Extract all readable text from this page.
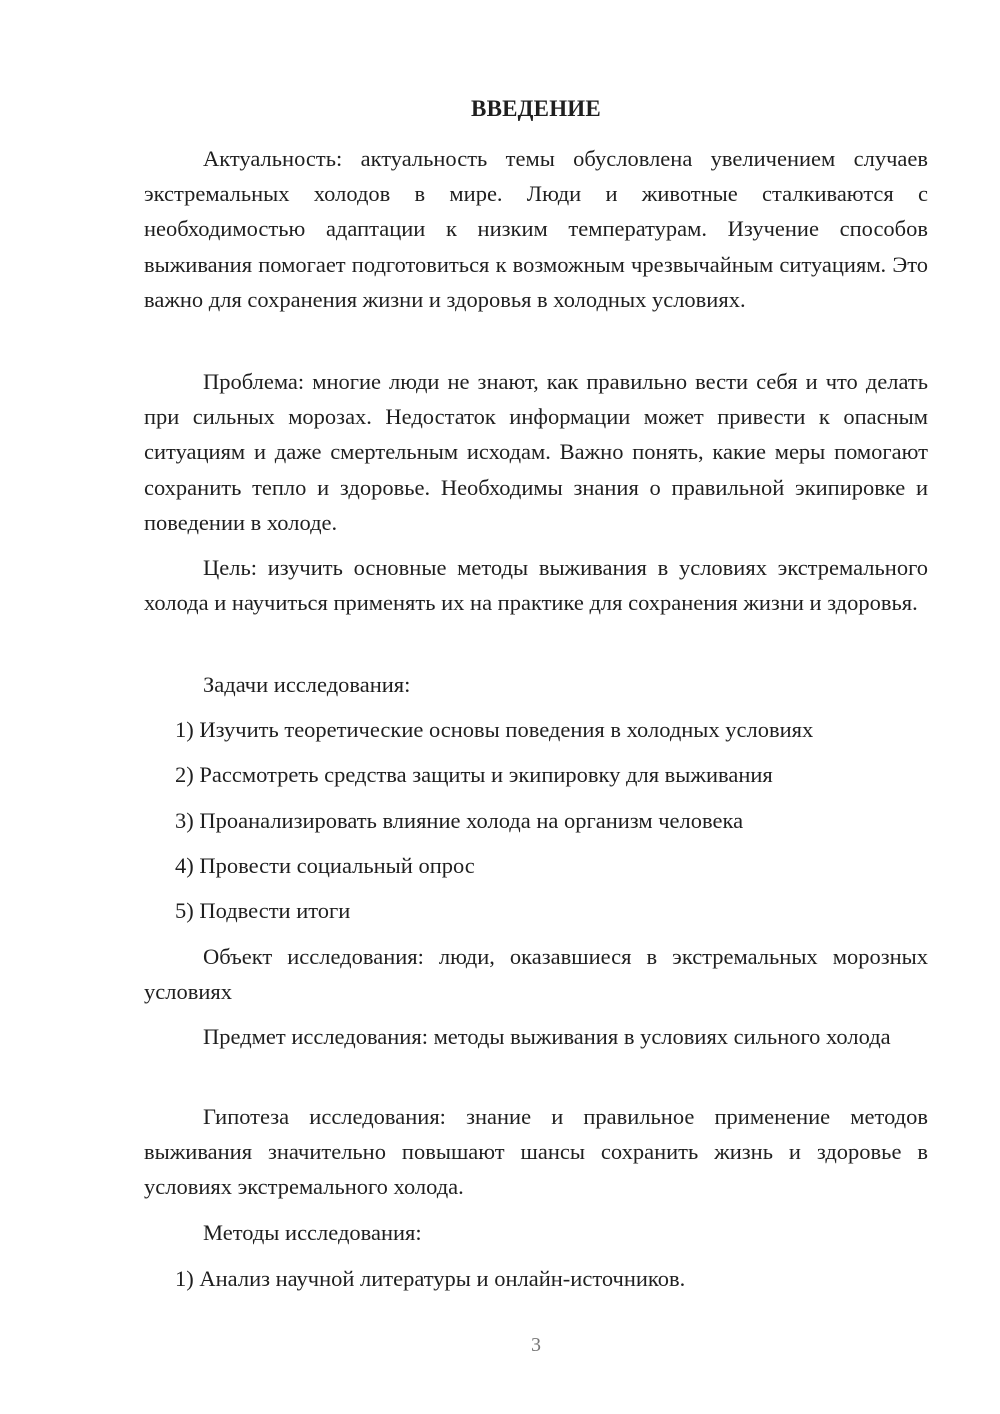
ВВЕДЕНИЕ

Актуальность: актуальность темы обусловлена увеличением случаев экстремальных холодов в мире. Люди и животные сталкиваются с необходимостью адаптации к низким температурам. Изучение способов выживания помогает подготовиться к возможным чрезвычайным ситуациям. Это важно для сохранения жизни и здоровья в холодных условиях.

Проблема: многие люди не знают, как правильно вести себя и что делать при сильных морозах. Недостаток информации может привести к опасным ситуациям и даже смертельным исходам. Важно понять, какие меры помогают сохранить тепло и здоровье. Необходимы знания о правильной экипировке и поведении в холоде.

Цель: изучить основные методы выживания в условиях экстремального холода и научиться применять их на практике для сохранения жизни и здоровья.

Задачи исследования:
1) Изучить теоретические основы поведения в холодных условиях
2) Рассмотреть средства защиты и экипировку для выживания
3) Проанализировать влияние холода на организм человека
4) Провести социальный опрос
5) Подвести итоги

Объект исследования: люди, оказавшиеся в экстремальных морозных условиях

Предмет исследования: методы выживания в условиях сильного холода

Гипотеза исследования: знание и правильное применение методов выживания значительно повышают шансы сохранить жизнь и здоровье в условиях экстремального холода.

Методы исследования:
1) Анализ научной литературы и онлайн-источников.
3
